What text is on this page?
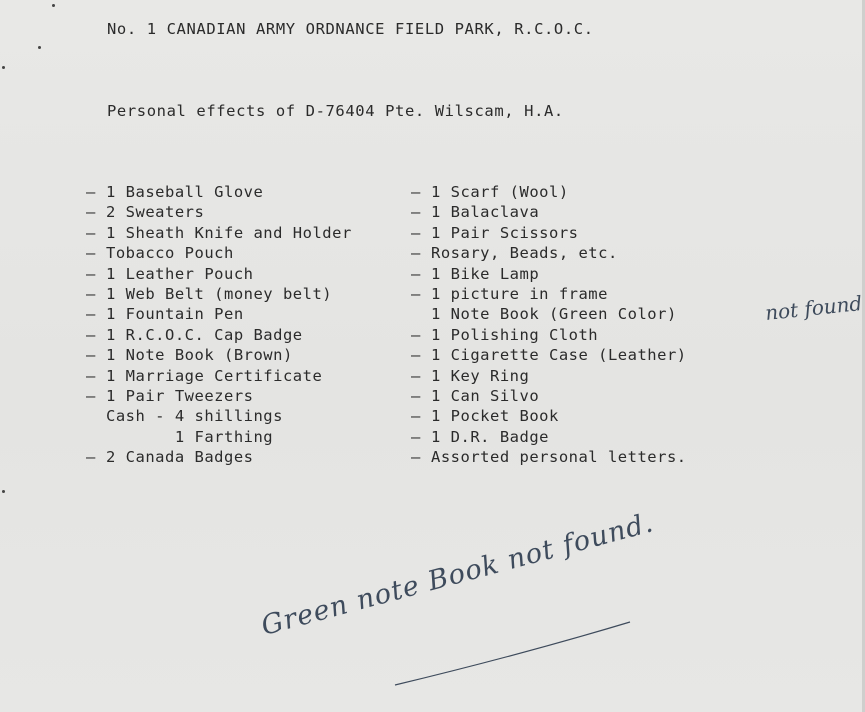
No. 1 CANADIAN ARMY ORDNANCE FIELD PARK, R.C.O.C.
Personal effects of D-76404 Pte. Wilscam, H.A.
— 1 Baseball Glove
— 2 Sweaters
— 1 Sheath Knife and Holder
— Tobacco Pouch
— 1 Leather Pouch
— 1 Web Belt (money belt)
— 1 Fountain Pen
— 1 R.C.O.C. Cap Badge
— 1 Note Book (Brown)
— 1 Marriage Certificate
— 1 Pair Tweezers
Cash - 4 shillings
1 Farthing
— 2 Canada Badges
— 1 Scarf (Wool)
— 1 Balaclava
— 1 Pair Scissors
— Rosary, Beads, etc.
— 1 Bike Lamp
— 1 picture in frame
1 Note Book (Green Color)
— 1 Polishing Cloth
— 1 Cigarette Case (Leather)
— 1 Key Ring
— 1 Can Silvo
— 1 Pocket Book
— 1 D.R. Badge
— Assorted personal letters.
not found
Green note Book not found.
